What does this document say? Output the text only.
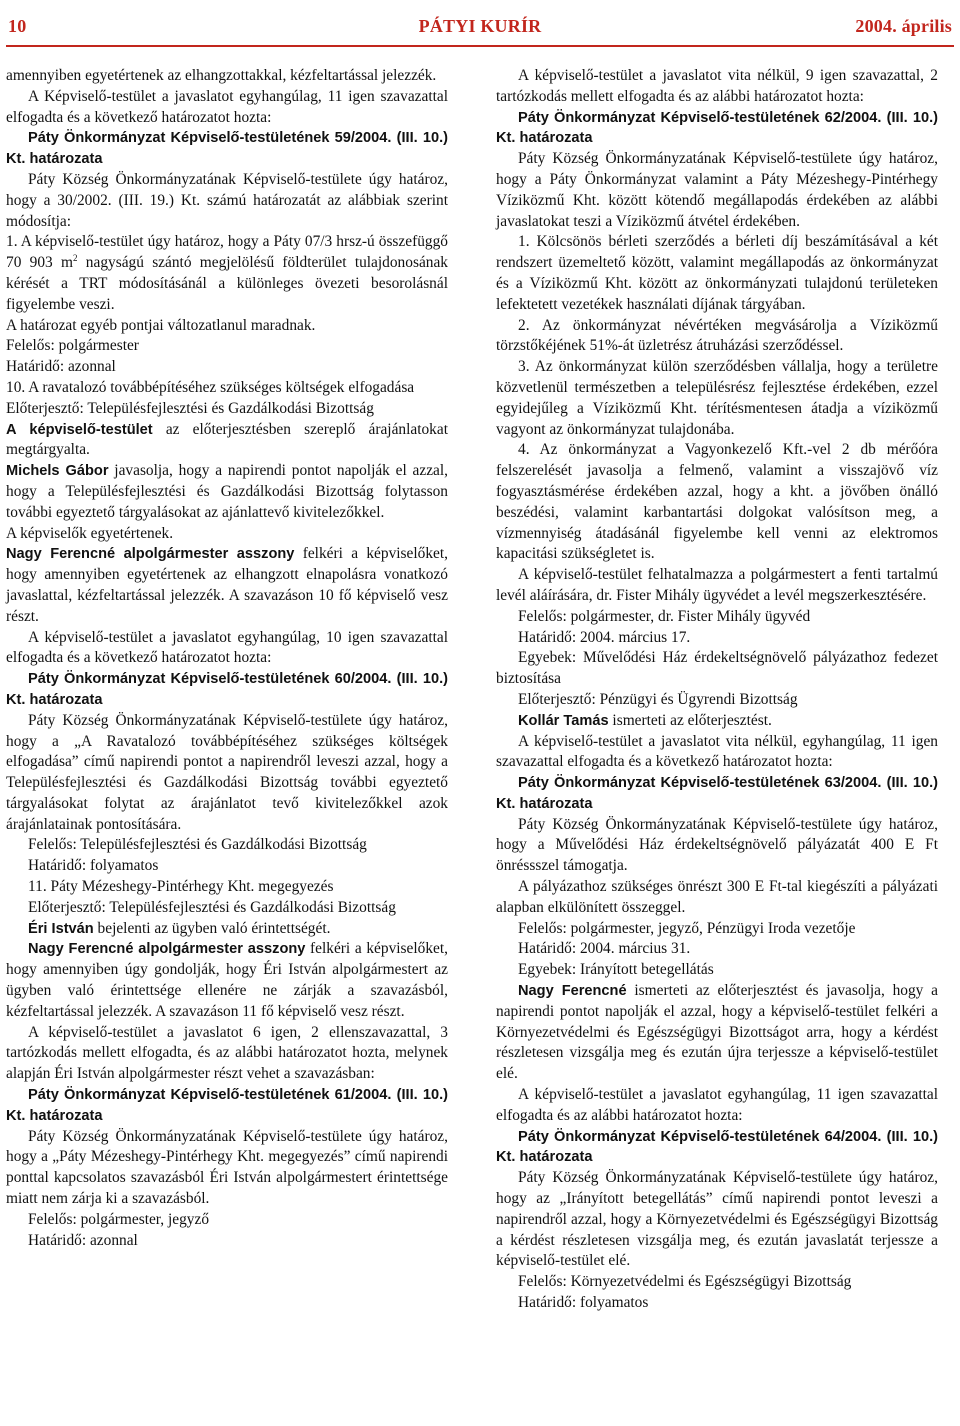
10	PÁTYI KURÍR	2004. április

amennyiben egyetértenek az elhangzottakkal, kézfeltartással jelezzék.

A Képviselő-testület a javaslatot egyhangúlag, 11 igen szavazattal elfogadta és a következő határozatot hozta:

Páty Önkormányzat Képviselő-testületének 59/2004. (III. 10.) Kt. határozata

Páty Község Önkormányzatának Képviselő-testülete úgy határoz, hogy a 30/2002. (III. 19.) Kt. számú határozatát az alábbiak szerint módosítja:

1. A képviselő-testület úgy határoz, hogy a Páty 07/3 hrsz-ú összefüggő 70 903 $m^2$ nagyságú szántó megjelölésű földterület tulajdonosának kérését a TRT módosításánál a különleges övezeti besorolásnál figyelembe veszi.

A határozat egyéb pontjai változatlanul maradnak.

Felelős: polgármester

Határidő: azonnal

10. A ravatalozó továbbépítéséhez szükséges költségek elfogadása

Előterjesztő: Településfejlesztési és Gazdálkodási Bizottság

A képviselő-testület az előterjesztésben szereplő árajánlatokat megtárgyalta.

Michels Gábor javasolja, hogy a napirendi pontot napolják el azzal, hogy a Településfejlesztési és Gazdálkodási Bizottság folytasson további egyeztető tárgyalásokat az ajánlattevő kivitelezőkkel.

A képviselők egyetértenek.

Nagy Ferencné alpolgármester asszony felkéri a képviselőket, hogy amennyiben egyetértenek az elhangzott elnapolásra vonatkozó javaslattal, kézfeltartással jelezzék. A szavazáson 10 fő képviselő vesz részt.

A képviselő-testület a javaslatot egyhangúlag, 10 igen szavazattal elfogadta és a következő határozatot hozta:

Páty Önkormányzat Képviselő-testületének 60/2004. (III. 10.) Kt. határozata

Páty Község Önkormányzatának Képviselő-testülete úgy határoz, hogy a „A Ravatalozó továbbépítéséhez szükséges költségek elfogadása” című napirendi pontot a napirendről leveszi azzal, hogy a Településfejlesztési és Gazdálkodási Bizottság további egyeztető tárgyalásokat folytat az árajánlatot tevő kivitelezőkkel azok árajánlatainak pontosítására.

Felelős: Településfejlesztési és Gazdálkodási Bizottság

Határidő: folyamatos

11. Páty Mézeshegy-Pintérhegy Kht. megegyezés

Előterjesztő: Településfejlesztési és Gazdálkodási Bizottság

Éri István bejelenti az ügyben való érintettségét.

Nagy Ferencné alpolgármester asszony felkéri a képviselőket, hogy amennyiben úgy gondolják, hogy Éri István alpolgármestert az ügyben való érintettsége ellenére ne zárják a szavazásból, kézfeltartással jelezzék. A szavazáson 11 fő képviselő vesz részt.

A képviselő-testület a javaslatot 6 igen, 2 ellenszavazattal, 3 tartózkodás mellett elfogadta, és az alábbi határozatot hozta, melynek alapján Éri István alpolgármester részt vehet a szavazásban:

Páty Önkormányzat Képviselő-testületének 61/2004. (III. 10.) Kt. határozata

Páty Község Önkormányzatának Képviselő-testülete úgy határoz, hogy a „Páty Mézeshegy-Pintérhegy Kht. megegyezés” című napirendi ponttal kapcsolatos szavazásból Éri István alpolgármestert érintettsége miatt nem zárja ki a szavazásból.

Felelős: polgármester, jegyző

Határidő: azonnal

A képviselő-testület a javaslatot vita nélkül, 9 igen szavazattal, 2 tartózkodás mellett elfogadta és az alábbi határozatot hozta:

Páty Önkormányzat Képviselő-testületének 62/2004. (III. 10.) Kt. határozata

Páty Község Önkormányzatának Képviselő-testülete úgy határoz, hogy a Páty Önkormányzat valamint a Páty Mézeshegy-Pintérhegy Víziközmű Kht. között kötendő megállapodás érdekében az alábbi javaslatokat teszi a Víziközmű átvétel érdekében.

1. Kölcsönös bérleti szerződés a bérleti díj beszámításával a két rendszert üzemeltető között, valamint megállapodás az önkormányzat és a Víziközmű Kht. között az önkormányzati tulajdonú területeken lefektetett vezetékek használati díjának tárgyában.

2. Az önkormányzat névértéken megvásárolja a Víziközmű törzstőkéjének 51%-át üzletrész átruházási szerződéssel.

3. Az önkormányzat külön szerződésben vállalja, hogy a területre közvetlenül természetben a településrész fejlesztése érdekében, ezzel egyidejűleg a Víziközmű Kht. térítésmentesen átadja a víziközmű vagyont az önkormányzat tulajdonába.

4. Az önkormányzat a Vagyonkezelő Kft.-vel 2 db mérőóra felszerelését javasolja a felmenő, valamint a visszajövő víz fogyasztásmérése érdekében azzal, hogy a kht. a jövőben önálló beszédési, valamint karbantartási dolgokat valósítson meg, a vízmennyiség átadásánál figyelembe kell venni az elektromos kapacitási szükségletet is.

A képviselő-testület felhatalmazza a polgármestert a fenti tartalmú levél aláírására, dr. Fister Mihály ügyvédet a levél megszerkesztésére.

Felelős: polgármester, dr. Fister Mihály ügyvéd

Határidő: 2004. március 17.

Egyebek: Művelődési Ház érdekeltségnövelő pályázathoz fedezet biztosítása

Előterjesztő: Pénzügyi és Ügyrendi Bizottság

Kollár Tamás ismerteti az előterjesztést.

A képviselő-testület a javaslatot vita nélkül, egyhangúlag, 11 igen szavazattal elfogadta és a következő határozatot hozta:

Páty Önkormányzat Képviselő-testületének 63/2004. (III. 10.) Kt. határozata

Páty Község Önkormányzatának Képviselő-testülete úgy határoz, hogy a Művelődési Ház érdekeltségnövelő pályázatát 400 E Ft önréssszel támogatja.

A pályázathoz szükséges önrészt 300 E Ft-tal kiegészíti a pályázati alapban elkülönített összeggel.

Felelős: polgármester, jegyző, Pénzügyi Iroda vezetője

Határidő: 2004. március 31.

Egyebek: Irányított betegellátás

Nagy Ferencné ismerteti az előterjesztést és javasolja, hogy a napirendi pontot napolják el azzal, hogy a képviselő-testület felkéri a Környezetvédelmi és Egészségügyi Bizottságot arra, hogy a kérdést részletesen vizsgálja meg és ezután újra terjessze a képviselő-testület elé.

A képviselő-testület a javaslatot egyhangúlag, 11 igen szavazattal elfogadta és az alábbi határozatot hozta:

Páty Önkormányzat Képviselő-testületének 64/2004. (III. 10.) Kt. határozata

Páty Község Önkormányzatának Képviselő-testülete úgy határoz, hogy az „Irányított betegellátás” című napirendi pontot leveszi a napirendről azzal, hogy a Környezetvédelmi és Egészségügyi Bizottság a kérdést részletesen vizsgálja meg, és ezután javaslatát terjessze a képviselő-testület elé.

Felelős: Környezetvédelmi és Egészségügyi Bizottság

Határidő: folyamatos
